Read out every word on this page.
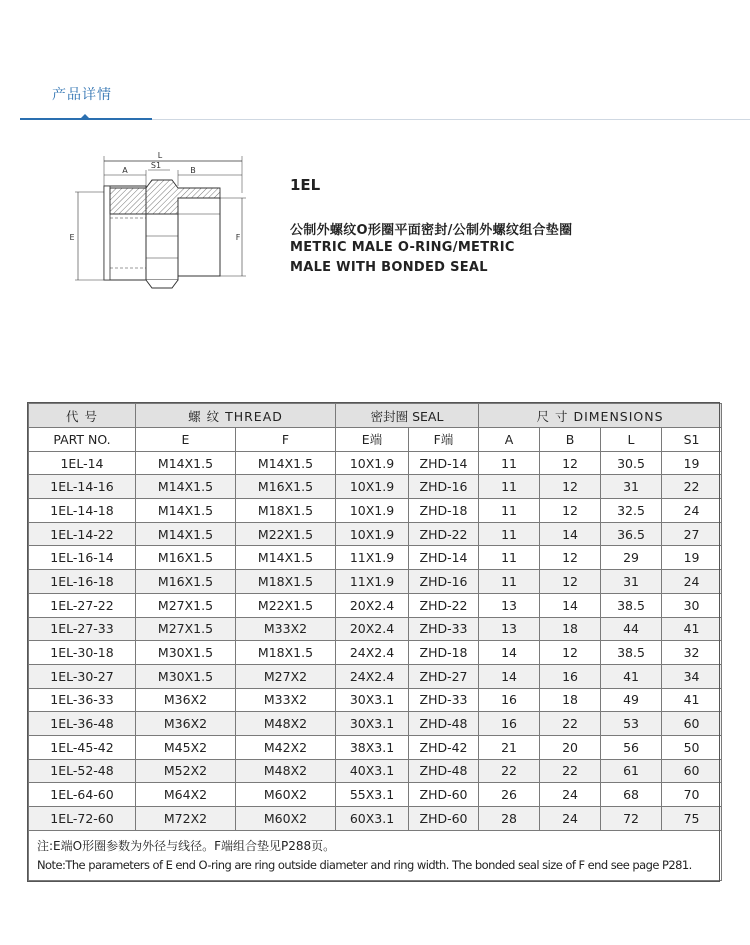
产品详情
L
A
S1
B
E	F
1EL
公制外螺纹O形圈平面密封/公制外螺纹组合垫圈
METRIC MALE O-RING/METRIC
MALE WITH BONDED SEAL
代 号	螺 纹 THREAD		密封圈 SEAL		尺 寸 DIMENSIONS			
PART NO.	E	F	E端	F端	A	B	L	S1
1EL-14	M14X1.5	M14X1.5	10X1.9	ZHD-14	11	12	30.5	19
1EL-14-16	M14X1.5	M16X1.5	10X1.9	ZHD-16	11	12	31	22
1EL-14-18	M14X1.5	M18X1.5	10X1.9	ZHD-18	11	12	32.5	24
1EL-14-22	M14X1.5	M22X1.5	10X1.9	ZHD-22	11	14	36.5	27
1EL-16-14	M16X1.5	M14X1.5	11X1.9	ZHD-14	11	12	29	19
1EL-16-18	M16X1.5	M18X1.5	11X1.9	ZHD-16	11	12	31	24
1EL-27-22	M27X1.5	M22X1.5	20X2.4	ZHD-22	13	14	38.5	30
1EL-27-33	M27X1.5	M33X2	20X2.4	ZHD-33	13	18	44	41
1EL-30-18	M30X1.5	M18X1.5	24X2.4	ZHD-18	14	12	38.5	32
1EL-30-27	M30X1.5	M27X2	24X2.4	ZHD-27	14	16	41	34
1EL-36-33	M36X2	M33X2	30X3.1	ZHD-33	16	18	49	41
1EL-36-48	M36X2	M48X2	30X3.1	ZHD-48	16	22	53	60
1EL-45-42	M45X2	M42X2	38X3.1	ZHD-42	21	20	56	50
1EL-52-48	M52X2	M48X2	40X3.1	ZHD-48	22	22	61	60
1EL-64-60	M64X2	M60X2	55X3.1	ZHD-60	26	24	68	70
1EL-72-60	M72X2	M60X2	60X3.1	ZHD-60	28	24	72	75

注:E端O形圈参数为外径与线径。F端组合垫见P288页。
Note:The parameters of E end O-ring are ring outside diameter and ring width. The bonded seal size of F end see page P281.								
